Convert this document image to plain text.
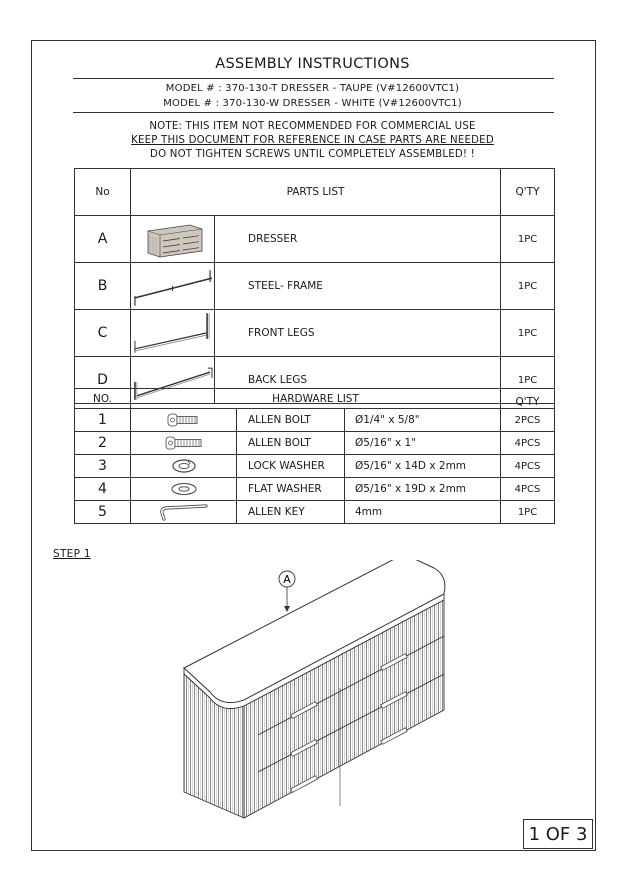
ASSEMBLY INSTRUCTIONS
MODEL # : 370-130-T DRESSER - TAUPE (V#12600VTC1)
MODEL # : 370-130-W DRESSER - WHITE (V#12600VTC1)
NOTE: THIS ITEM NOT RECOMMENDED FOR COMMERCIAL USE
KEEP THIS DOCUMENT FOR REFERENCE IN CASE PARTS ARE NEEDED
DO NOT TIGHTEN SCREWS UNTIL COMPLETELY ASSEMBLED! !
No	PARTS LIST		Q'TY
A		DRESSER	1PC
B		STEEL- FRAME	1PC
C		FRONT LEGS	1PC
D		BACK LEGS	1PC
NO.	HARDWARE LIST			Q'TY
1		ALLEN BOLT	Ø1/4" x 5/8"	2PCS
2		ALLEN BOLT	Ø5/16" x 1"	4PCS
3		LOCK WASHER	Ø5/16" x 14D x 2mm	4PCS
4		FLAT WASHER	Ø5/16" x 19D x 2mm	4PCS
5		ALLEN KEY	4mm	1PC
STEP 1
A
1 OF 3
